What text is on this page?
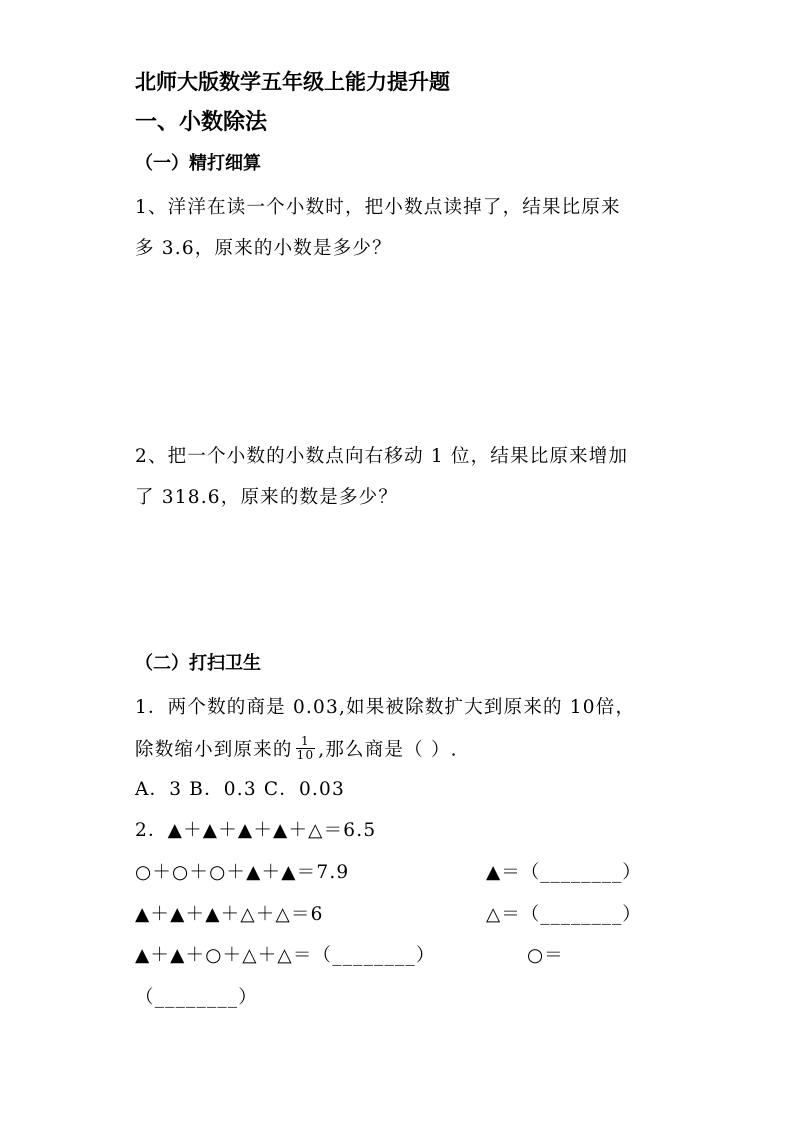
北师大版数学五年级上能力提升题
一、小数除法
（一）精打细算
1、洋洋在读一个小数时，把小数点读掉了，结果比原来
多 3.6，原来的小数是多少？
2、把一个小数的小数点向右移动 1 位，结果比原来增加
了 318.6，原来的数是多少？
（二）打扫卫生
1．两个数的商是 0.03,如果被除数扩大到原来的 10倍，
除数缩小到原来的 $\frac{1}{10}$ ,那么商是（ ）.
A．3 B．0.3 C．0.03
2．▲＋▲＋▲＋▲＋△＝6.5
○＋○＋○＋▲＋▲＝7.9	▲＝（________）
▲＋▲＋▲＋△＋△＝6	△＝（________）
▲＋▲＋○＋△＋△＝（________）	○＝
（________）
